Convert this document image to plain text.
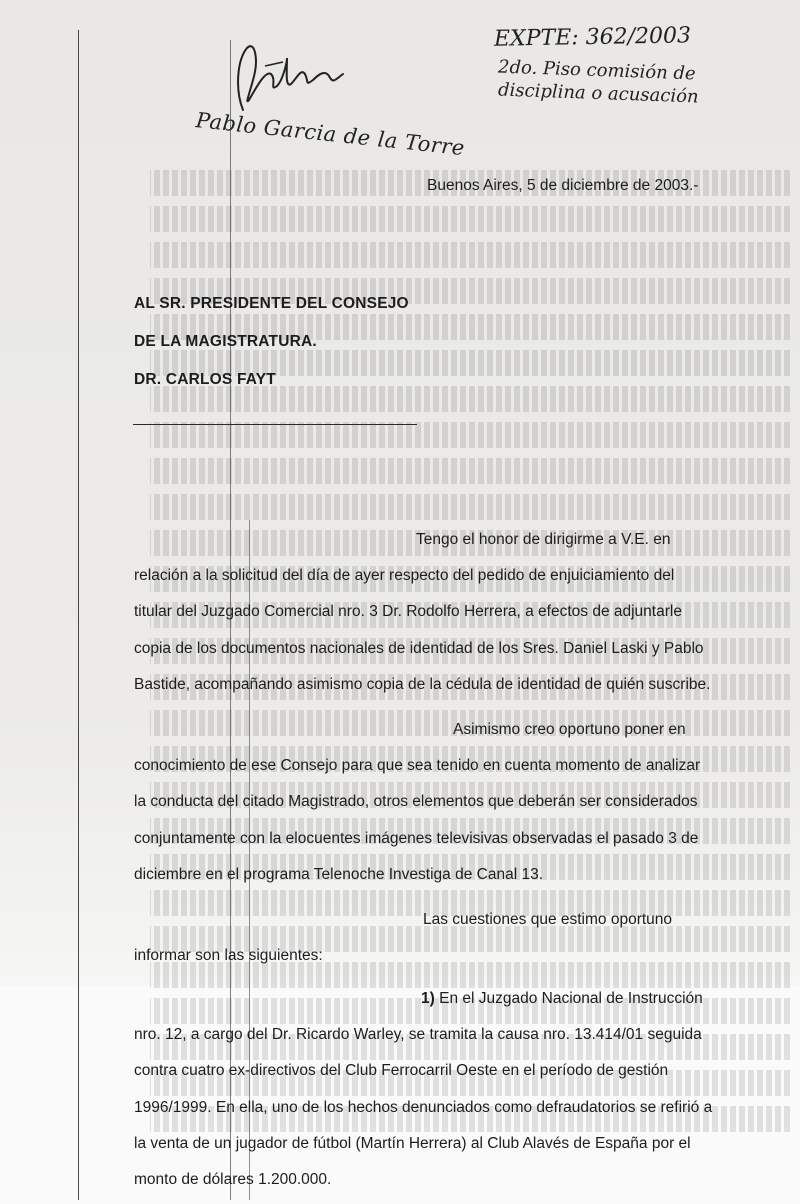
Pablo Garcia de la Torre
EXPTE: 362/2003
2do. Piso comisión de
disciplina o acusación
Buenos Aires, 5 de diciembre de 2003.-
AL SR. PRESIDENTE DEL CONSEJO
DE LA MAGISTRATURA.
DR. CARLOS FAYT
Tengo el honor de dirigirme a V.E. en
relación a la solicitud del día de ayer respecto del pedido de enjuiciamiento del
titular del Juzgado Comercial nro. 3 Dr. Rodolfo Herrera, a efectos de adjuntarle
copia de los documentos nacionales de identidad de los Sres. Daniel Laski y Pablo
Bastide, acompañando asimismo copia de la cédula de identidad de quién suscribe.
Asimismo creo oportuno poner en
conocimiento de ese Consejo para que sea tenido en cuenta momento de analizar
la conducta del citado Magistrado, otros elementos que deberán ser considerados
conjuntamente con la elocuentes imágenes televisivas observadas el pasado 3 de
diciembre en el programa Telenoche Investiga de Canal 13.
Las cuestiones que estimo oportuno
informar son las siguientes:
1) En el Juzgado Nacional de Instrucción
nro. 12, a cargo del Dr. Ricardo Warley, se tramita la causa nro. 13.414/01 seguida
contra cuatro ex-directivos del Club Ferrocarril Oeste en el período de gestión
1996/1999. En ella, uno de los hechos denunciados como defraudatorios se refirió a
la venta de un jugador de fútbol (Martín Herrera) al Club Alavés de España por el
monto de dólares 1.200.000.
